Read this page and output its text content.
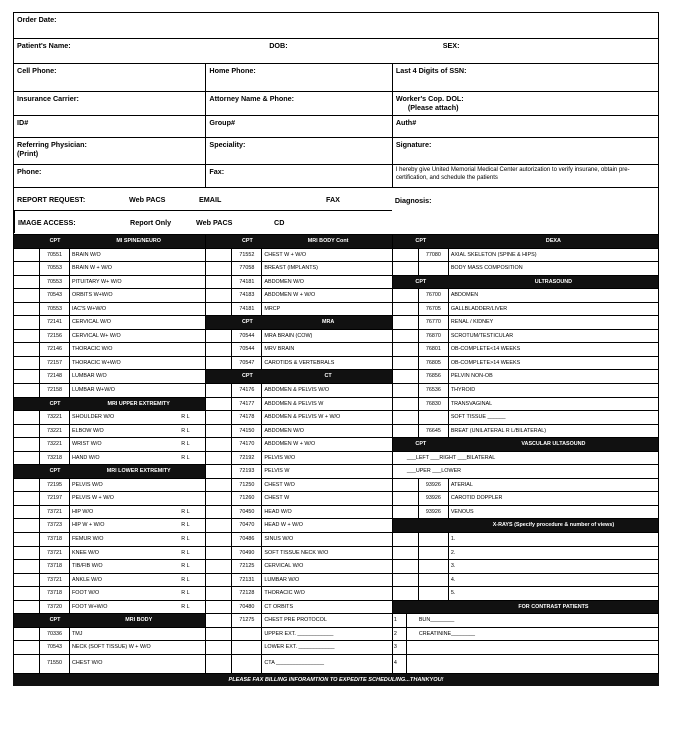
Order Date:
Patient's Name:	DOB:	SEX:
Cell Phone:	Home Phone:	Last 4 Digits of SSN:
Insurance Carrier:	Attorney Name & Phone:	Worker's Cop. DOL:
(Please attach)
ID#	Group#	Auth#
Referring Physician:
(Print)
Speciality:	Signature:
Phone:	Fax:	I hereby give United Memorial Medical Center autorization to verify insurane, obtain pre-certification, and schedule the patients
REPORT REQUEST:	Web PACS	EMAIL	FAX
IMAGE ACCESS:	Report Only	Web PACS	CD
Diagnosis:
CPT	MI SPINE/NEURO
70551	BRAIN W/O
70553	BRAIN W + W/O
70553	PITUITARY W+ W/O
70543	ORBITS W+W/O
70553	IAC'S W+W/O
72141	CERVICAL W/O
72156	CERVICAL W+ W/O
72146	THORACIC W/O
72157	THORACIC W+W/O
72148	LUMBAR W/O
72158	LUMBAR W+W/O
CPT	MRI UPPER EXTREMITY
73221	SHOULDER W/O	R L
73221	ELBOW W/O	R L
73221	WRIST W/O	R L
73218	HAND W/O	R L
CPT	MRI LOWER EXTREMITY
72195	PELVIS W/O
72197	PELVIS W + W/O
73721	HIP W/O	R L
73723	HIP W + W/O	R L
73718	FEMUR W/O	R L
73721	KNEE W/O	R L
73718	TIB/FIB W/O	R L
73721	ANKLE W/O	R L
73718	FOOT W/O	R L
73720	FOOT W+W/O	R L
CPT	MRI BODY
70336	TMJ
70543	NECK (SOFT TISSUE) W + W/O
71550	CHEST W/O
CPT	MRI BODY Cont
71552	CHEST W + W/O
77058	BREAST (IMPLANTS)
74181	ABDOMEN W/O
74183	ABDOMEN W + W/O
74181	MRCP
CPT	MRA
70544	MRA BRAIN (COW)
70544	MRV BRAIN
70547	CAROTIDS & VERTEBRALS
CPT	CT
74176	ABDOMEN & PELVIS W/O
74177	ABDOMEN & PELVIS W
74178	ABDOMEN & PELVIS W + W/O
74150	ABDOMEN W/O
74170	ABDOMEN W + W/O
72192	PELVIS W/O
72193	PELVIS W
71250	CHEST W/O
71260	CHEST W
70450	HEAD W/O
70470	HEAD W + W/O
70486	SINUS W/O
70490	SOFT TISSUE NECK W/O
72125	CERVICAL W/O
72131	LUMBAR W/O
72128	THORACIC W/O
70480	CT ORBITS
71275	CHEST PRE PROTOCOL
UPPER EXT. ____________
LOWER EXT. ____________
CTA ________________
CPT	DEXA
77080	AXIAL SKELETON (SPINE & HIPS)
BODY MASS COMPOSITION
CPT	ULTRASOUND
76700	ABDOMEN
76705	GALLBLADDER/LIVER
76770	RENAL / KIDNEY
76870	SCROTUM/TESTICULAR
76801	OB-COMPLETE<14 WEEKS
76805	OB-COMPLETE>14 WEEKS
76856	PELVIN NON-OB
76536	THYROID
76830	TRANSVAGINAL
SOFT TISSUE ______
76645	BREAT (UNILATERAL R L/BILATERAL)
CPT	VASCULAR ULTASOUND
___LEFT ___RIGHT ___BILATERAL
___UPER ___LOWER
93926	ATERIAL
93926	CAROTID DOPPLER
93926	VENOUS
X-RAYS (Specify procedure & number of views)
1.
2.
3.
4.
5.
FOR CONTRAST PATIENTS
1	BUN________
2	CREATININE________
3
4
PLEASE FAX BILLING INFORAMTION TO EXPEDITE SCHEDULING...THANKYOU!
